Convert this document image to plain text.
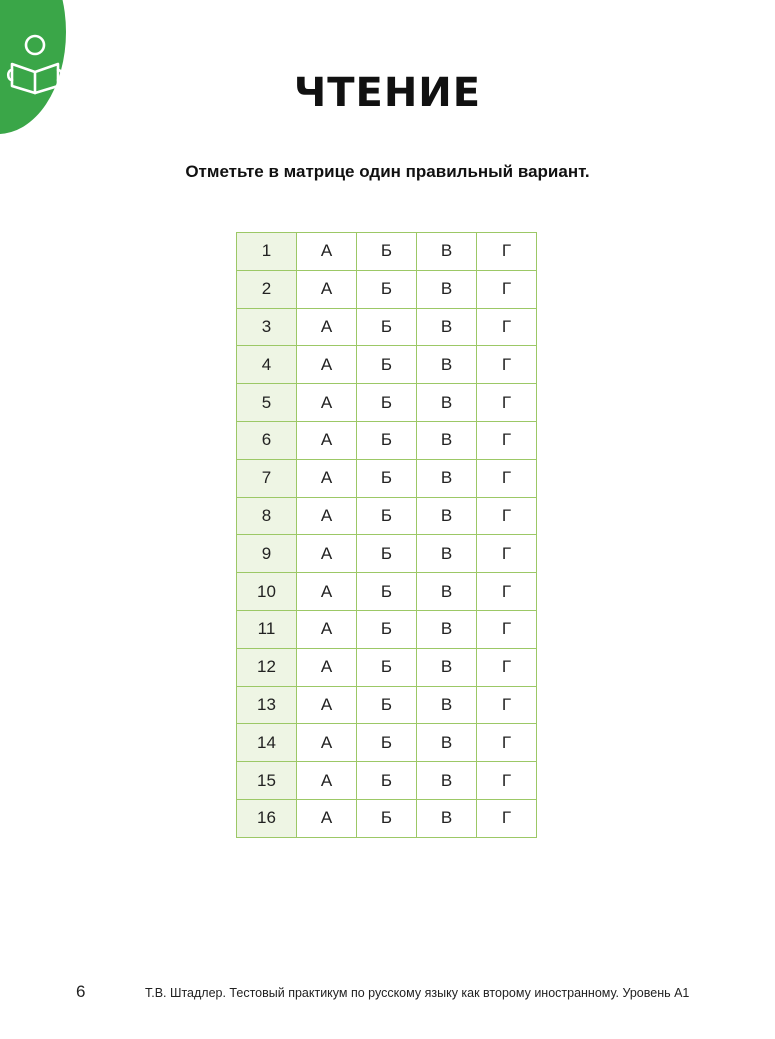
ЧТЕНИЕ
Отметьте в матрице один правильный вариант.
1	А	Б	В	Г
2	А	Б	В	Г
3	А	Б	В	Г
4	А	Б	В	Г
5	А	Б	В	Г
6	А	Б	В	Г
7	А	Б	В	Г
8	А	Б	В	Г
9	А	Б	В	Г
10	А	Б	В	Г
11	А	Б	В	Г
12	А	Б	В	Г
13	А	Б	В	Г
14	А	Б	В	Г
15	А	Б	В	Г
16	А	Б	В	Г
6	Т.В. Штадлер. Тестовый практикум по русскому языку как второму иностранному. Уровень А1
